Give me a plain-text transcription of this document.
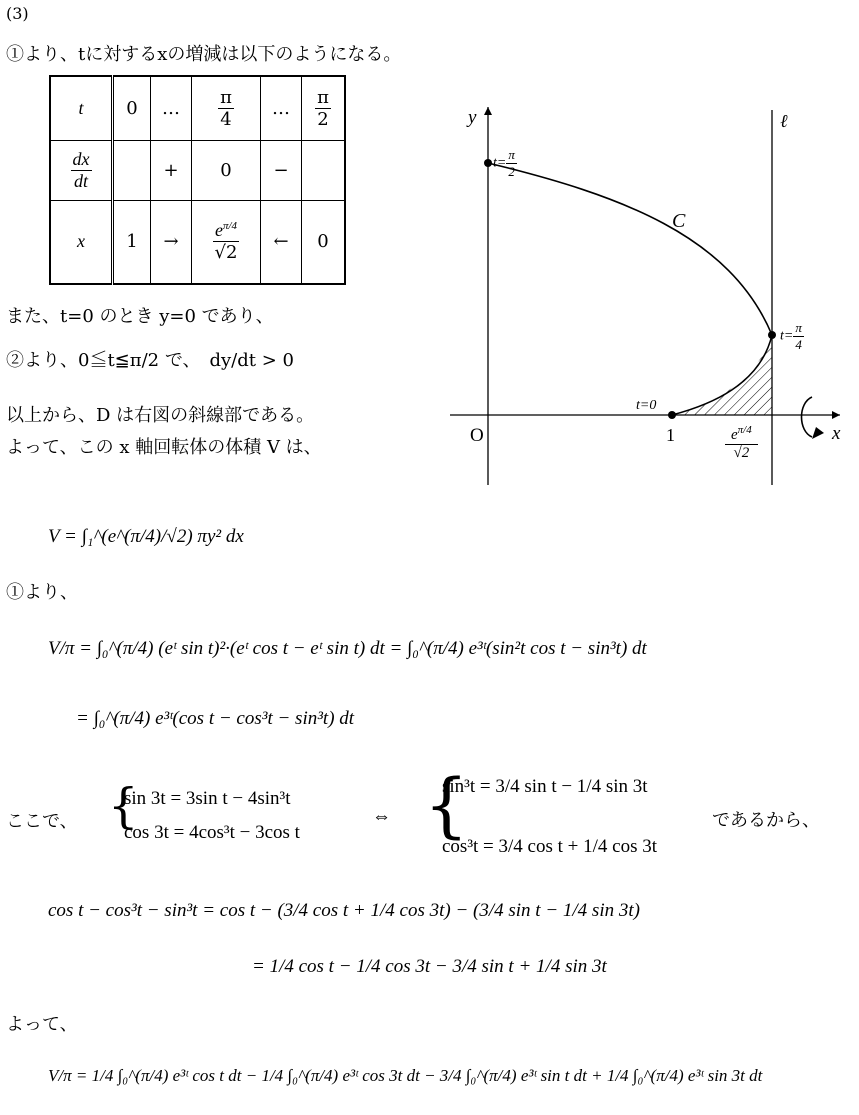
(3)
①より、tに対するxの増減は以下のようになる。
t	0	…	$\frac{\pi}{4}$	…	$\frac{\pi}{2}$

$\frac{dx}{dt}$		+	0	−	
x	1	→	$\frac{e^{\pi/4}}{√2}$	←	0
また、t=0 のとき y=0 であり、
②より、0≦t≦π/2 で、　dy/dt > 0
以上から、D は右図の斜線部である。
よって、この x 軸回転体の体積 V は、
y
x
O
ℓ
C
t=0
1
$t= \frac{\pi}{2}$
$t= \frac{\pi}{4}$
$\frac{e^{\pi/4}}{√2}$
V = ∫₁^(e^(π/4)/√2) πy² dx
①より、
V/π = ∫₀^(π/4) (eᵗ sin t)²·(eᵗ cos t − eᵗ sin t) dt = ∫₀^(π/4) e³ᵗ(sin²t cos t − sin³t) dt
= ∫₀^(π/4) e³ᵗ(cos t − cos³t − sin³t) dt
ここで、 {
sin 3t = 3sin t − 4sin³t
cos 3t = 4cos³t − 3cos t
⇔ {
sin³t = 3/4 sin t − 1/4 sin 3t
cos³t = 3/4 cos t + 1/4 cos 3t
であるから、
cos t − cos³t − sin³t = cos t − (3/4 cos t + 1/4 cos 3t) − (3/4 sin t − 1/4 sin 3t)
= 1/4 cos t − 1/4 cos 3t − 3/4 sin t + 1/4 sin 3t
よって、
V/π = 1/4 ∫₀^(π/4) e³ᵗ cos t dt − 1/4 ∫₀^(π/4) e³ᵗ cos 3t dt − 3/4 ∫₀^(π/4) e³ᵗ sin t dt + 1/4 ∫₀^(π/4) e³ᵗ sin 3t dt
